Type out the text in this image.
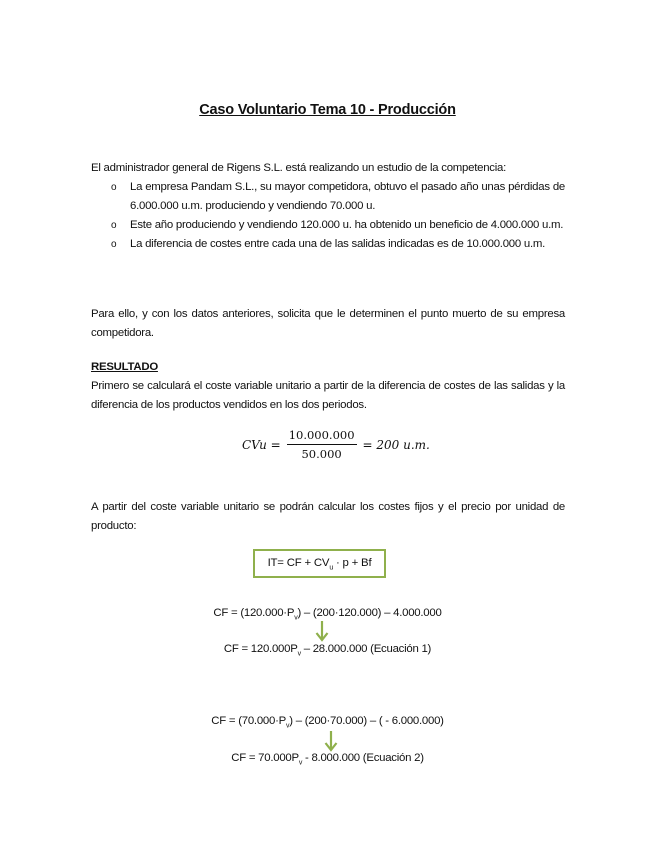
Caso Voluntario Tema 10 - Producción
El administrador general de Rigens S.L. está realizando un estudio de la competencia:
o La empresa Pandam S.L., su mayor competidora, obtuvo el pasado año unas pérdidas de 6.000.000 u.m. produciendo y vendiendo 70.000 u.
o Este año produciendo y vendiendo 120.000 u. ha obtenido un beneficio de 4.000.000 u.m.
o La diferencia de costes entre cada una de las salidas indicadas es de 10.000.000 u.m.
Para ello, y con los datos anteriores, solicita que le determinen el punto muerto de su empresa competidora.
RESULTADO
Primero se calculará el coste variable unitario a partir de la diferencia de costes de las salidas y la diferencia de los productos vendidos en los dos periodos.
CVu = $\frac{10.000.000}{50.000} = 200$ u.m.
A partir del coste variable unitario se podrán calcular los costes fijos y el precio por unidad de producto:
IT= CF + $CV_u \cdot p + Bf$
CF = $(120.000\cdot P_v) - (200\cdot 120.000) - 4.000.000$
CF = $120.000P_v - 28.000.000$ (Ecuación 1)
CF = $(70.000\cdot P_v) - (200\cdot 70.000)$ – ( - 6.000.000)
CF = $70.000P_v - 8.000.000$ (Ecuación 2)
